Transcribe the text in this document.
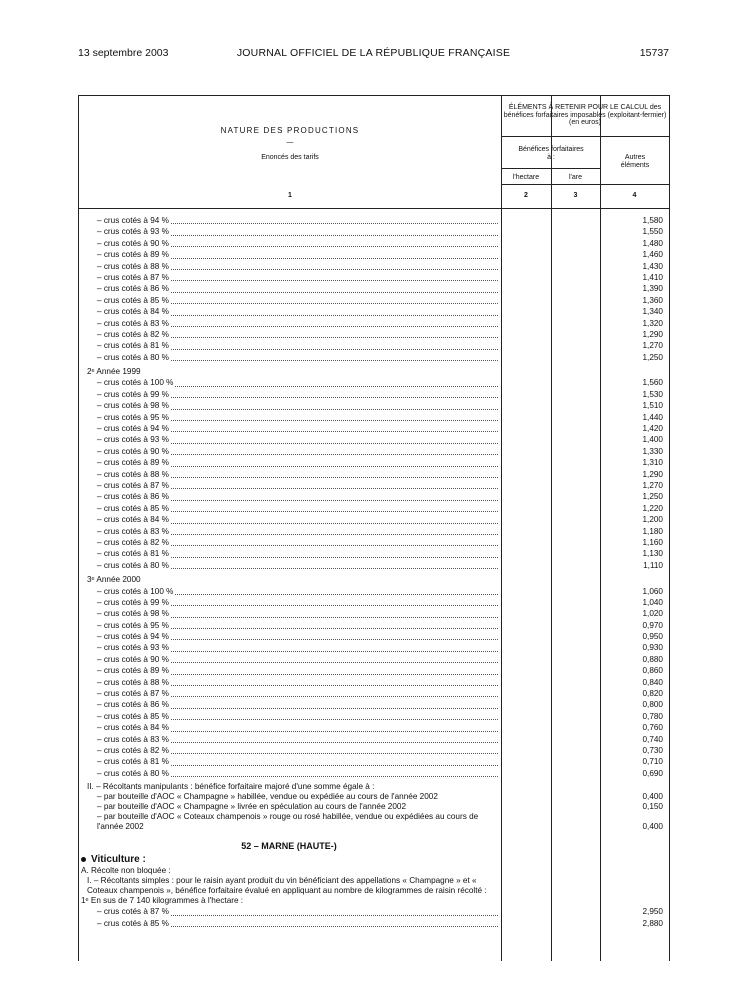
13 septembre 2003	JOURNAL OFFICIEL DE LA RÉPUBLIQUE FRANÇAISE	15737
NATURE DES PRODUCTIONS
—
Enoncés des tarifs
ÉLÉMENTS À RETENIR POUR LE CALCUL des bénéfices forfaitaires imposables (exploitant-fermier) (en euros)
Bénéfices forfaitaires à :	Autres éléments
l'hectare	l'are
1	2	3	4
– crus cotés à 94 %	1,580
– crus cotés à 93 %	1,550
– crus cotés à 90 %	1,480
– crus cotés à 89 %	1,460
– crus cotés à 88 %	1,430
– crus cotés à 87 %	1,410
– crus cotés à 86 %	1,390
– crus cotés à 85 %	1,360
– crus cotés à 84 %	1,340
– crus cotés à 83 %	1,320
– crus cotés à 82 %	1,290
– crus cotés à 81 %	1,270
– crus cotés à 80 %	1,250
2ᵉ Année 1999
– crus cotés à 100 %	1,560
– crus cotés à 99 %	1,530
– crus cotés à 98 %	1,510
– crus cotés à 95 %	1,440
– crus cotés à 94 %	1,420
– crus cotés à 93 %	1,400
– crus cotés à 90 %	1,330
– crus cotés à 89 %	1,310
– crus cotés à 88 %	1,290
– crus cotés à 87 %	1,270
– crus cotés à 86 %	1,250
– crus cotés à 85 %	1,220
– crus cotés à 84 %	1,200
– crus cotés à 83 %	1,180
– crus cotés à 82 %	1,160
– crus cotés à 81 %	1,130
– crus cotés à 80 %	1,110
3ᵉ Année 2000
– crus cotés à 100 %	1,060
– crus cotés à 99 %	1,040
– crus cotés à 98 %	1,020
– crus cotés à 95 %	0,970
– crus cotés à 94 %	0,950
– crus cotés à 93 %	0,930
– crus cotés à 90 %	0,880
– crus cotés à 89 %	0,860
– crus cotés à 88 %	0,840
– crus cotés à 87 %	0,820
– crus cotés à 86 %	0,800
– crus cotés à 85 %	0,780
– crus cotés à 84 %	0,760
– crus cotés à 83 %	0,740
– crus cotés à 82 %	0,730
– crus cotés à 81 %	0,710
– crus cotés à 80 %	0,690
II. – Récoltants manipulants : bénéfice forfaitaire majoré d'une somme égale à :
– par bouteille d'AOC « Champagne » habillée, vendue ou expédiée au cours de l'année 2002	0,400
– par bouteille d'AOC « Champagne » livrée en spéculation au cours de l'année 2002	0,150
– par bouteille d'AOC « Coteaux champenois » rouge ou rosé habillée, vendue ou expédiées au cours de l'année 2002	0,400
52 – MARNE (HAUTE-)
Viticulture :
A. Récolte non bloquée :
I. – Récoltants simples : pour le raisin ayant produit du vin bénéficiant des appellations « Champagne » et « Coteaux champenois », bénéfice forfaitaire évalué en appliquant au nombre de kilogrammes de raisin récolté :
1ᵉ En sus de 7 140 kilogrammes à l'hectare :
– crus cotés à 87 %	2,950
– crus cotés à 85 %	2,880
